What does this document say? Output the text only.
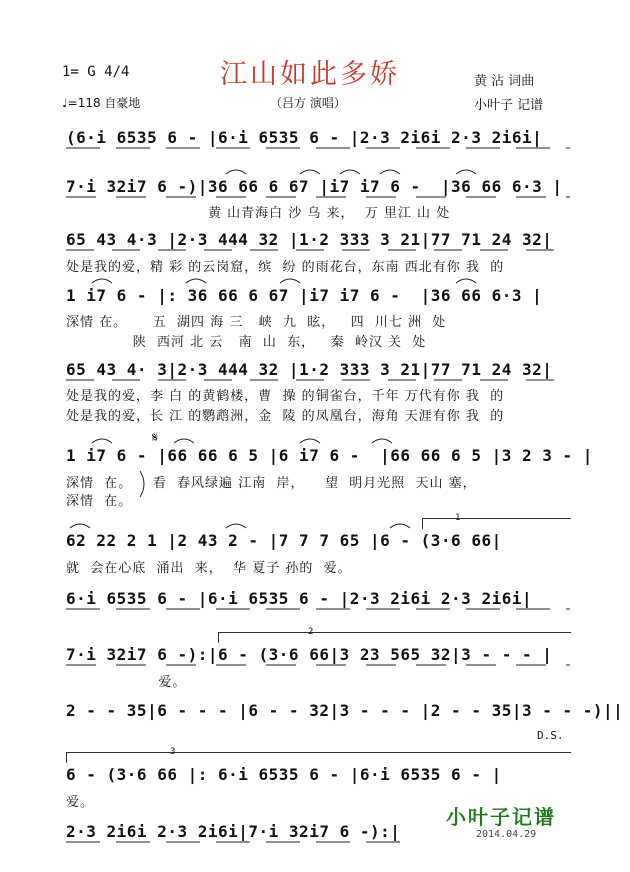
江山如此多娇
（吕方 演唱）
1= G 4/4
♩=118 自豪地
黄 沾 词曲
小叶子 记谱
(6·i 6535 6 - |6·i 6535 6 - |2·3 2i6i 2·3 2i6i|
7·i 32i7 6 -)|36 66 6 67 |i7 i7 6 -  |36 66 6·3 |
黄 山青海白 沙 乌 来，  万 里江 山 处
65 43 4·3 |2·3 444 32 |1·2 333 3 21|77 71 24 32|
处是我的爱，精 彩 的云岗窟，缤  纷 的雨花台，东南 西北有你 我  的
1 i7 6 - |: 36 66 6 67 |i7 i7 6 -  |36 66 6·3 |
深情 在。     五  湖四 海 三   峡  九  眩，   四  川七 洲  处
陕  西河 北 云   南  山  东，   秦  岭汉 关  处
65 43 4· 3|2·3 444 32 |1·2 333 3 21|77 71 24 32|
处是我的爱，李 白 的黄鹤楼，曹  操 的铜雀台，千年 万代有你 我  的
处是我的爱，长 江 的鹦鹉洲，金  陵 的凤凰台，海角 天涯有你 我  的
𝄋
1 i7 6 - |66 66 6 5 |6 i7 6 -  |66 66 6 5 |3 2 3 - |
深情  在。    看  春风绿遍 江南  岸，    望  明月光照  天山 塞，
深情  在。
1
62 22 2 1 |2 43 2 - |7 7 7 65 |6 - (3·6 66|
就  会在心底  涌出  来，  华 夏子 孙的  爱。
6·i 6535 6 - |6·i 6535 6 - |2·3 2i6i 2·3 2i6i|
2
7·i 32i7 6 -):|6 - (3·6 66|3 23 565 32|3 - - - |
爱。
2 - - 35|6 - - - |6 - - 32|3 - - - |2 - - 35|3 - - -)||
D.S.
3
6 - (3·6 66 |: 6·i 6535 6 - |6·i 6535 6 - |
爱。
2·3 2i6i 2·3 2i6i|7·i 32i7 6 -):|
小叶子记谱
2014.04.29
